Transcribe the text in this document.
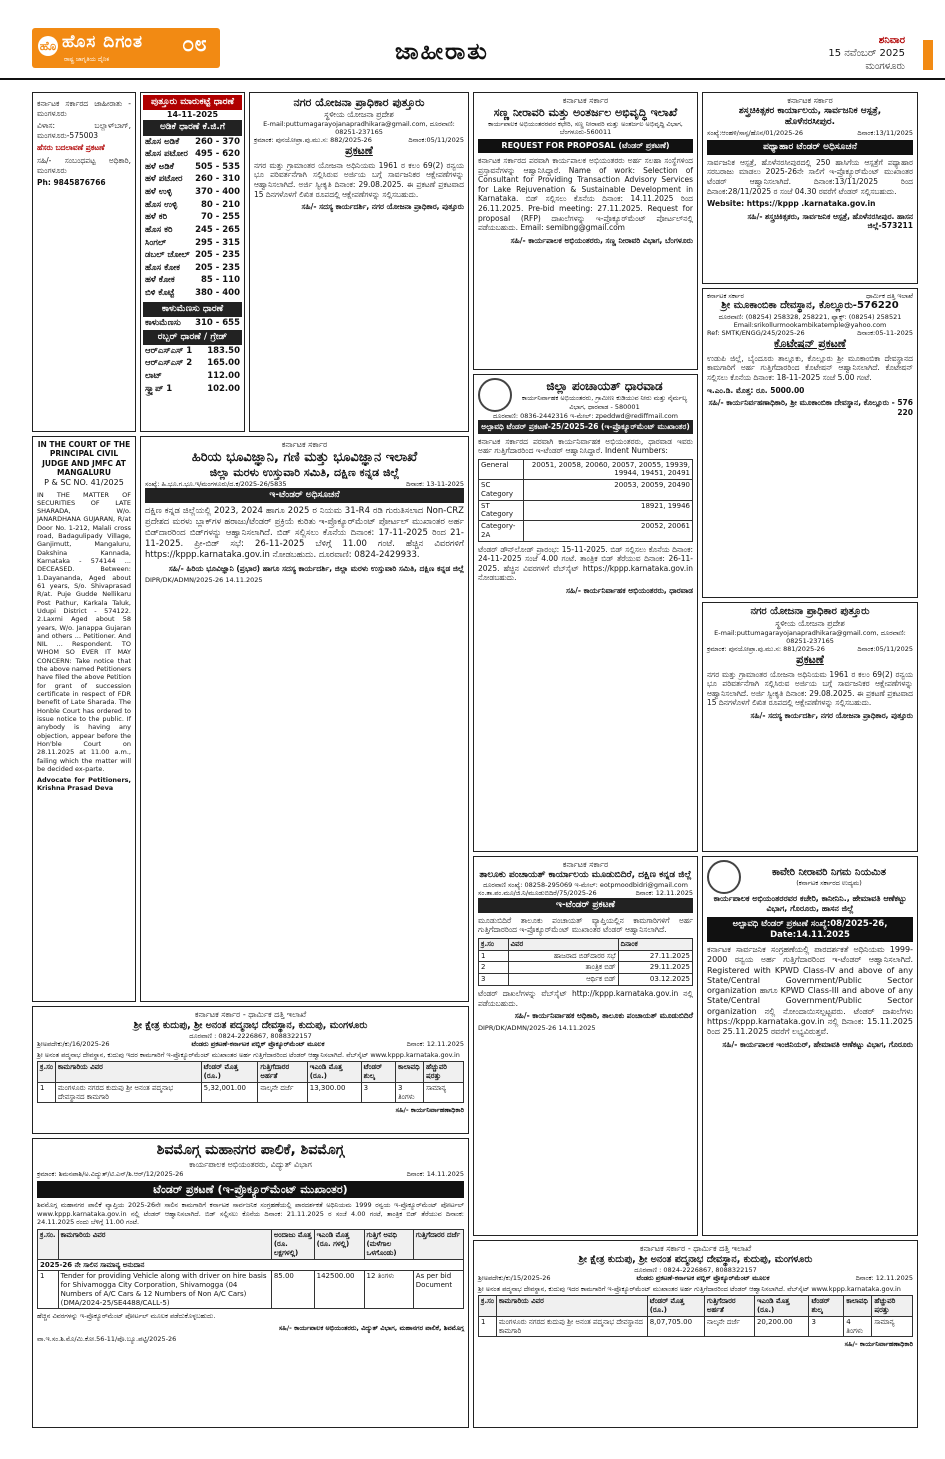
ಹೊ ಹೊಸ ದಿಗಂತ
ರಾಷ್ಟ್ರ ಜಾಗೃತಿಯ ದೈನಿಕ
೦೮	ಜಾಹೀರಾತು	ಶನಿವಾರ
15 ನವೆಂಬರ್ 2025
ಮಂಗಳೂರು
ಕರ್ನಾಟಕ ಸರ್ಕಾರದ ಜಾಹೀರಾತು - ಮಂಗಳೂರು
ವಿಳಾಸ: ಬಲ್ಲಾಳ್‌ಬಾಗ್, ಮಂಗಳೂರು-575003
ಹೆಸರು ಬದಲಾವಣೆ ಪ್ರಕಟಣೆ
ಸಹಿ/- ಸಂಬಂಧಪಟ್ಟ ಅಧಿಕಾರಿ, ಮಂಗಳೂರು
Ph: 9845876766
ಪುತ್ತೂರು ಮಾರುಕಟ್ಟೆ ಧಾರಣೆ
14-11-2025
ಅಡಿಕೆ ಧಾರಣೆ ಕೆ.ಜಿ.ಗೆ
ಹೊಸ ಅಡಿಕೆ	260 - 370
ಹೊಸ ಪಟೋರ	495 - 620
ಹಳೆ ಅಡಿಕೆ	505 - 535
ಹಳೆ ಪಟೋರ	260 - 310
ಹಳೆ ಉಳ್ಳಿ	370 - 400
ಹೊಸ ಉಳ್ಳಿ	80 - 210
ಹಳೆ ಕರಿ	70 - 255
ಹೊಸ ಕರಿ	245 - 265
ಸಿಂಗಲ್	295 - 315
ಡಬಲ್ ಚೋಲ್	205 - 235
ಹೊಸ ಕೋಕ	205 - 235
ಹಳೆ ಕೋಕ	85 - 110
ಬಿಳಿ ಕೊಟ್ಟೆ	380 - 400
ಕಾಳುಮೆಣಸು ಧಾರಣೆ
ಕಾಳುಮೆಣಸು	310 - 655
ರಬ್ಬರ್ ಧಾರಣೆ / ಗ್ರೇಡ್
ಆರ್‌ಎಸ್‌ಎಸ್ 1	183.50
ಆರ್‌ಎಸ್‌ಎಸ್ 2	165.00
ಲಾಟ್	112.00
ಸ್ಕ್ರ್ಯಾಪ್ 1	102.00
IN THE COURT OF THE PRINCIPAL CIVIL JUDGE AND JMFC AT MANGALURU
P & SC NO. 41/2025
IN THE MATTER OF SECURITIES OF LATE SHARADA, W/o. JANARDHANA GUJARAN, R/at Door No. 1-212, Malali cross road, Badagulipady Village, Ganjimutt, Mangaluru, Dakshina Kannada, Karnataka - 574144 ... DECEASED. Between: 1.Dayananda, Aged about 61 years, S/o. Shivaprasad R/at. Puje Gudde Nellikaru Post Pathur, Karkala Taluk, Udupi District - 574122. 2.Laxmi Aged about 58 years, W/o. Janappa Gujaran and others ... Petitioner. And NIL ... Respondent. TO WHOM SO EVER IT MAY CONCERN: Take notice that the above named Petitioners have filed the above Petition for grant of succession certificate in respect of FDR benefit of Late Sharada. The Honble Court has ordered to issue notice to the public. If anybody is having any objection, appear before the Hon'ble Court on 28.11.2025 at 11.00 a.m., failing which the matter will be decided ex-parte.
Advocate for Petitioners, Krishna Prasad Deva
ನಗರ ಯೋಜನಾ ಪ್ರಾಧಿಕಾರ ಪುತ್ತೂರು
ಸ್ಥಳೀಯ ಯೋಜನಾ ಪ್ರದೇಶ
E-mail:puttumagarayojanapradhikara@gmail.com, ದೂರವಾಣಿ: 08251-237165
ಕ್ರಮಾಂಕ: ಪುನಯೋಪ್ರಾ.ಪು.ಮು.ಸ: 882/2025-26	ದಿನಾಂಕ:05/11/2025
ಪ್ರಕಟಣೆ
ನಗರ ಮತ್ತು ಗ್ರಾಮಾಂತರ ಯೋಜನಾ ಅಧಿನಿಯಮ 1961 ರ ಕಲಂ 69(2) ರನ್ವಯ ಭೂ ಪರಿವರ್ತನೆಗಾಗಿ ಸಲ್ಲಿಸಿರುವ ಅರ್ಜಿಯ ಬಗ್ಗೆ ಸಾರ್ವಜನಿಕರ ಆಕ್ಷೇಪಣೆಗಳನ್ನು ಆಹ್ವಾನಿಸಲಾಗಿದೆ. ಅರ್ಜಿ ಸ್ವೀಕೃತಿ ದಿನಾಂಕ: 29.08.2025. ಈ ಪ್ರಕಟಣೆ ಪ್ರಕಟವಾದ 15 ದಿನಗಳೊಳಗೆ ಲಿಖಿತ ರೂಪದಲ್ಲಿ ಆಕ್ಷೇಪಣೆಗಳನ್ನು ಸಲ್ಲಿಸಬಹುದು.
ಸಹಿ/- ಸದಸ್ಯ ಕಾರ್ಯದರ್ಶಿ, ನಗರ ಯೋಜನಾ ಪ್ರಾಧಿಕಾರ, ಪುತ್ತೂರು
ಕರ್ನಾಟಕ ಸರ್ಕಾರ
ಹಿರಿಯ ಭೂವಿಜ್ಞಾನಿ, ಗಣಿ ಮತ್ತು ಭೂವಿಜ್ಞಾನ ಇಲಾಖೆ
ಜಿಲ್ಲಾ ಮರಳು ಉಸ್ತುವಾರಿ ಸಮಿತಿ, ದಕ್ಷಿಣ ಕನ್ನಡ ಜಿಲ್ಲೆ
ಸಂಖ್ಯೆ: ಹಿ.ಭೂ.ಗ.ಭೂ.ಇ/ಮಂಗಳೂರು/ದ.ಕ/2025-26/5835	ದಿನಾಂಕ: 13-11-2025
ಇ-ಟೆಂಡರ್ ಅಧಿಸೂಚನೆ
ದಕ್ಷಿಣ ಕನ್ನಡ ಜಿಲ್ಲೆಯಲ್ಲಿ 2023, 2024 ಹಾಗೂ 2025 ರ ನಿಯಮ 31-R4 ರಡಿ ಗುರುತಿಸಲಾದ Non-CRZ ಪ್ರದೇಶದ ಮರಳು ಬ್ಲಾಕ್‌ಗಳ ಹರಾಜು/ಟೆಂಡರ್ ಪ್ರಕ್ರಿಯೆ ಕುರಿತು ಇ-ಪ್ರೊಕ್ಯೂರ್‌ಮೆಂಟ್ ಪೋರ್ಟಲ್ ಮುಖಾಂತರ ಅರ್ಹ ಬಿಡ್‌ದಾರರಿಂದ ಬಿಡ್‌ಗಳನ್ನು ಆಹ್ವಾನಿಸಲಾಗಿದೆ. ಬಿಡ್ ಸಲ್ಲಿಸಲು ಕೊನೆಯ ದಿನಾಂಕ: 17-11-2025 ರಿಂದ 21-11-2025. ಪ್ರೀ-ಬಿಡ್ ಸಭೆ: 26-11-2025 ಬೆಳಿಗ್ಗೆ 11.00 ಗಂಟೆ. ಹೆಚ್ಚಿನ ವಿವರಗಳಿಗೆ https://kppp.karnataka.gov.in ನೋಡಬಹುದು. ದೂರವಾಣಿ: 0824-2429933.
ಸಹಿ/- ಹಿರಿಯ ಭೂವಿಜ್ಞಾನಿ (ಪ್ರಭಾರ) ಹಾಗೂ ಸದಸ್ಯ ಕಾರ್ಯದರ್ಶಿ, ಜಿಲ್ಲಾ ಮರಳು ಉಸ್ತುವಾರಿ ಸಮಿತಿ, ದಕ್ಷಿಣ ಕನ್ನಡ ಜಿಲ್ಲೆ
DIPR/DK/ADMN/2025-26 14.11.2025
ಕರ್ನಾಟಕ ಸರ್ಕಾರ
ಸಣ್ಣ ನೀರಾವರಿ ಮತ್ತು ಅಂತರ್ಜಲ ಅಭಿವೃದ್ಧಿ ಇಲಾಖೆ
ಕಾರ್ಯಪಾಲಕ ಅಭಿಯಂತರರವರ ಕಛೇರಿ, ಸಣ್ಣ ನೀರಾವರಿ ಮತ್ತು ಅಂತರ್ಜಲ ಅಭಿವೃದ್ಧಿ ವಿಭಾಗ, ಬೆಂಗಳೂರು-560011
REQUEST FOR PROPOSAL (ಟೆಂಡರ್ ಪ್ರಕಟಣೆ)
ಕರ್ನಾಟಕ ಸರ್ಕಾರದ ಪರವಾಗಿ ಕಾರ್ಯಪಾಲಕ ಅಭಿಯಂತರರು ಅರ್ಹ ಸಲಹಾ ಸಂಸ್ಥೆಗಳಿಂದ ಪ್ರಸ್ತಾವನೆಗಳನ್ನು ಆಹ್ವಾನಿಸಿದ್ದಾರೆ. Name of work: Selection of Consultant for Providing Transaction Advisory Services for Lake Rejuvenation & Sustainable Development in Karnataka. ಬಿಡ್ ಸಲ್ಲಿಸಲು ಕೊನೆಯ ದಿನಾಂಕ: 14.11.2025 ರಿಂದ 26.11.2025. Pre-bid meeting: 27.11.2025. Request for proposal (RFP) ದಾಖಲೆಗಳನ್ನು ಇ-ಪ್ರೊಕ್ಯೂರ್‌ಮೆಂಟ್ ಪೋರ್ಟಲ್‌ನಲ್ಲಿ ಪಡೆಯಬಹುದು. Email: semibng@gmail.com
ಸಹಿ/- ಕಾರ್ಯಪಾಲಕ ಅಭಿಯಂತರರು, ಸಣ್ಣ ನೀರಾವರಿ ವಿಭಾಗ, ಬೆಂಗಳೂರು
ಜಿಲ್ಲಾ ಪಂಚಾಯತ್ ಧಾರವಾಡ
ಕಾರ್ಯನಿರ್ವಾಹಕ ಅಭಿಯಂತರರು, ಗ್ರಾಮೀಣ ಕುಡಿಯುವ ನೀರು ಮತ್ತು ನೈರ್ಮಲ್ಯ ವಿಭಾಗ, ಧಾರವಾಡ - 580001
ದೂರವಾಣಿ: 0836-2442316 ಇ-ಮೇಲ್: zpeddwd@rediffmail.com
ಅಲ್ಪಾವಧಿ ಟೆಂಡರ್ ಪ್ರಕಟಣೆ-25/2025-26 (ಇ-ಪ್ರೊಕ್ಯೂರ್‌ಮೆಂಟ್ ಮುಖಾಂತರ)
ಕರ್ನಾಟಕ ಸರ್ಕಾರದ ಪರವಾಗಿ ಕಾರ್ಯನಿರ್ವಾಹಕ ಅಭಿಯಂತರರು, ಧಾರವಾಡ ಇವರು ಅರ್ಹ ಗುತ್ತಿಗೆದಾರರಿಂದ ಇ-ಟೆಂಡರ್ ಆಹ್ವಾನಿಸಿದ್ದಾರೆ. Indent Numbers:
General	20051, 20058, 20060, 20057, 20055, 19939, 19944, 19451, 20491
SC Category	20053, 20059, 20490
ST Category	18921, 19946
Category-2A	20052, 20061
ಟೆಂಡರ್ ಡೌನ್‌ಲೋಡ್ ಪ್ರಾರಂಭ: 15-11-2025. ಬಿಡ್ ಸಲ್ಲಿಸಲು ಕೊನೆಯ ದಿನಾಂಕ: 24-11-2025 ಸಂಜೆ 4.00 ಗಂಟೆ. ತಾಂತ್ರಿಕ ಬಿಡ್ ತೆರೆಯುವ ದಿನಾಂಕ: 26-11-2025. ಹೆಚ್ಚಿನ ವಿವರಗಳಿಗೆ ವೆಬ್‌ಸೈಟ್ https://kppp.karnataka.gov.in ನೋಡಬಹುದು.
ಸಹಿ/- ಕಾರ್ಯನಿರ್ವಾಹಕ ಅಭಿಯಂತರರು, ಧಾರವಾಡ
ಕರ್ನಾಟಕ ಸರ್ಕಾರ
ತಾಲೂಕು ಪಂಚಾಯತ್ ಕಾರ್ಯಾಲಯ ಮೂಡುಬಿದಿರೆ, ದಕ್ಷಿಣ ಕನ್ನಡ ಜಿಲ್ಲೆ
ದೂರವಾಣಿ ಸಂಖ್ಯೆ: 08258-295069 ಇ-ಮೇಲ್: eotpmoodbidri@gmail.com
ಸಂ.ತಾ.ಪಂ.ಮೂ/ಜಿ.ನಿ/ಮೂಡುಬಿದಿರೆ/75/2025-26	ದಿನಾಂಕ: 12.11.2025
ಇ-ಟೆಂಡರ್ ಪ್ರಕಟಣೆ
ಮೂಡುಬಿದಿರೆ ತಾಲೂಕು ಪಂಚಾಯತ್ ವ್ಯಾಪ್ತಿಯಲ್ಲಿನ ಕಾಮಗಾರಿಗಳಿಗೆ ಅರ್ಹ ಗುತ್ತಿಗೆದಾರರಿಂದ ಇ-ಪ್ರೊಕ್ಯೂರ್‌ಮೆಂಟ್ ಮುಖಾಂತರ ಟೆಂಡರ್ ಆಹ್ವಾನಿಸಲಾಗಿದೆ.
ಕ್ರ.ಸಂ	ವಿವರ	ದಿನಾಂಕ
1	ಹಾಜರಾದ ಬಿಡ್‌ದಾರರ ಸಭೆ	27.11.2025
2	ತಾಂತ್ರಿಕ ಬಿಡ್	29.11.2025
3	ಆರ್ಥಿಕ ಬಿಡ್	03.12.2025
ಟೆಂಡರ್ ದಾಖಲೆಗಳನ್ನು ವೆಬ್‌ಸೈಟ್ http://kppp.karnataka.gov.in ನಲ್ಲಿ ಪಡೆಯಬಹುದು.
ಸಹಿ/- ಕಾರ್ಯನಿರ್ವಾಹಕ ಅಧಿಕಾರಿ, ತಾಲೂಕು ಪಂಚಾಯತ್ ಮೂಡುಬಿದಿರೆ
DIPR/DK/ADMN/2025-26 14.11.2025
ಕರ್ನಾಟಕ ಸರ್ಕಾರ
ಶಸ್ತ್ರಚಿಕಿತ್ಸಕರ ಕಾರ್ಯಾಲಯ, ಸಾರ್ವಜನಿಕ ಆಸ್ಪತ್ರೆ,
ಹೊಳೆನರಸೀಪುರ.
ಸಂಖ್ಯೆ:ಆಂಹಳಿ/ಸಾಸ್ಪ/ಹೊನ/01/2025-26	ದಿನಾಂಕ:13/11/2025
ಪಥ್ಯಾಹಾರ ಟೆಂಡರ್ ಅಧಿಸೂಚನೆ
ಸಾರ್ವಜನಿಕ ಆಸ್ಪತ್ರೆ, ಹೊಳೆನರಸೀಪುರದಲ್ಲಿ 250 ಹಾಸಿಗೆಯ ಆಸ್ಪತ್ರೆಗೆ ಪಥ್ಯಾಹಾರ ಸರಬರಾಜು ಮಾಡಲು 2025-26ನೇ ಸಾಲಿಗೆ ಇ-ಪ್ರೊಕ್ಯೂರ್‌ಮೆಂಟ್ ಮುಖಾಂತರ ಟೆಂಡರ್ ಆಹ್ವಾನಿಸಲಾಗಿದೆ. ದಿನಾಂಕ:13/11/2025 ರಿಂದ ದಿನಾಂಕ:28/11/2025 ರ ಸಂಜೆ 04.30 ರವರೆಗೆ ಟೆಂಡರ್ ಸಲ್ಲಿಸಬಹುದು.
Website: https://kppp .karnataka.gov.in
ಸಹಿ/- ಶಸ್ತ್ರಚಿಕಿತ್ಸಕರು, ಸಾರ್ವಜನಿಕ ಆಸ್ಪತ್ರೆ, ಹೊಳೆನರಸೀಪುರ. ಹಾಸನ ಜಿಲ್ಲೆ-573211
ಕರ್ನಾಟಕ ಸರ್ಕಾರ	ಧಾರ್ಮಿಕ ದತ್ತಿ ಇಲಾಖೆ
ಶ್ರೀ ಮೂಕಾಂಬಿಕಾ ದೇವಸ್ಥಾನ, ಕೊಲ್ಲೂರು-576220
ದೂರವಾಣಿ: (08254) 258328, 258221, ಫ್ಯಾಕ್ಸ್: (08254) 258521
Email:srikollurmookambikatemple@yahoo.com
Ref: SMTK/ENGG/245/2025-26	ದಿನಾಂಕ:05-11-2025
ಕೊಟೇಷನ್ ಪ್ರಕಟಣೆ
ಉಡುಪಿ ಜಿಲ್ಲೆ, ಬೈಂದೂರು ತಾಲ್ಲೂಕು, ಕೊಲ್ಲೂರು ಶ್ರೀ ಮೂಕಾಂಬಿಕಾ ದೇವಸ್ಥಾನದ ಕಾಮಗಾರಿಗೆ ಅರ್ಹ ಗುತ್ತಿಗೆದಾರರಿಂದ ಕೊಟೇಷನ್ ಆಹ್ವಾನಿಸಲಾಗಿದೆ. ಕೊಟೇಷನ್ ಸಲ್ಲಿಸಲು ಕೊನೆಯ ದಿನಾಂಕ: 18-11-2025 ಸಂಜೆ 5.00 ಗಂಟೆ.
ಇ.ಎಂ.ಡಿ. ಮೊತ್ತ: ರೂ. 5000.00
ಸಹಿ/- ಕಾರ್ಯನಿರ್ವಹಣಾಧಿಕಾರಿ, ಶ್ರೀ ಮೂಕಾಂಬಿಕಾ ದೇವಸ್ಥಾನ, ಕೊಲ್ಲೂರು - 576 220
ನಗರ ಯೋಜನಾ ಪ್ರಾಧಿಕಾರ ಪುತ್ತೂರು
ಸ್ಥಳೀಯ ಯೋಜನಾ ಪ್ರದೇಶ
E-mail:puttumagarayojanapradhikara@gmail.com, ದೂರವಾಣಿ: 08251-237165
ಕ್ರಮಾಂಕ: ಪುನಯೋಪ್ರಾ.ಪು.ಮು.ಸ: 881/2025-26	ದಿನಾಂಕ:05/11/2025
ಪ್ರಕಟಣೆ
ನಗರ ಮತ್ತು ಗ್ರಾಮಾಂತರ ಯೋಜನಾ ಅಧಿನಿಯಮ 1961 ರ ಕಲಂ 69(2) ರನ್ವಯ ಭೂ ಪರಿವರ್ತನೆಗಾಗಿ ಸಲ್ಲಿಸಿರುವ ಅರ್ಜಿಯ ಬಗ್ಗೆ ಸಾರ್ವಜನಿಕರ ಆಕ್ಷೇಪಣೆಗಳನ್ನು ಆಹ್ವಾನಿಸಲಾಗಿದೆ. ಅರ್ಜಿ ಸ್ವೀಕೃತಿ ದಿನಾಂಕ: 29.08.2025. ಈ ಪ್ರಕಟಣೆ ಪ್ರಕಟವಾದ 15 ದಿನಗಳೊಳಗೆ ಲಿಖಿತ ರೂಪದಲ್ಲಿ ಆಕ್ಷೇಪಣೆಗಳನ್ನು ಸಲ್ಲಿಸಬಹುದು.
ಸಹಿ/- ಸದಸ್ಯ ಕಾರ್ಯದರ್ಶಿ, ನಗರ ಯೋಜನಾ ಪ್ರಾಧಿಕಾರ, ಪುತ್ತೂರು
ಕಾವೇರಿ ನೀರಾವರಿ ನಿಗಮ ನಿಯಮಿತ
(ಕರ್ನಾಟಕ ಸರ್ಕಾರದ ಉದ್ಯಮ)
ಕಾರ್ಯಪಾಲಕ ಅಭಿಯಂತರರವರ ಕಚೇರಿ, ಕಾನೀನಿನಿ., ಹೇಮಾವತಿ ಆಣೆಕಟ್ಟು ವಿಭಾಗ, ಗೊರೂರು, ಹಾಸನ ಜಿಲ್ಲೆ
ಅಲ್ಪಾವಧಿ ಟೆಂಡರ್ ಪ್ರಕಟಣೆ ಸಂಖ್ಯೆ:08/2025-26, Date:14.11.2025
ಕರ್ನಾಟಕ ಸಾರ್ವಜನಿಕ ಸಂಗ್ರಹಣೆಯಲ್ಲಿ ಪಾರದರ್ಶಕತೆ ಅಧಿನಿಯಮ 1999-2000 ರನ್ವಯ ಅರ್ಹ ಗುತ್ತಿಗೆದಾರರಿಂದ ಇ-ಟೆಂಡರ್ ಆಹ್ವಾನಿಸಲಾಗಿದೆ. Registered with KPWD Class-IV and above of any State/Central Government/Public Sector organization ಹಾಗೂ KPWD Class-III and above of any State/Central Government/Public Sector organization ನಲ್ಲಿ ನೋಂದಾಯಿಸಲ್ಪಟ್ಟವರು. ಟೆಂಡರ್ ದಾಖಲೆಗಳು https://kppp.karnataka.gov.in ನಲ್ಲಿ ದಿನಾಂಕ: 15.11.2025 ರಿಂದ 25.11.2025 ರವರೆಗೆ ಲಭ್ಯವಿರುತ್ತವೆ.
ಸಹಿ/- ಕಾರ್ಯಪಾಲಕ ಇಂಜಿನಿಯರ್, ಹೇಮಾವತಿ ಆಣೆಕಟ್ಟು ವಿಭಾಗ, ಗೊರೂರು
ಕರ್ನಾಟಕ ಸರ್ಕಾರ - ಧಾರ್ಮಿಕ ದತ್ತಿ ಇಲಾಖೆ
ಶ್ರೀ ಕ್ಷೇತ್ರ ಕುದುಪು, ಶ್ರೀ ಅನಂತ ಪದ್ಮನಾಭ ದೇವಸ್ಥಾನ, ಕುದುಪು, ಮಂಗಳೂರು
ದೂರವಾಣಿ : 0824-2226867, 8088322157
ಶ್ರೀಅಪದೇಕು/ಕು/16/2025-26	ಟೆಂಡರು ಪ್ರಕಟಣೆ-ಕರ್ನಾಟಕ ಪಬ್ಲಿಕ್ ಪ್ರೊಕ್ಯೂರ್‌ಮೆಂಟ್ ಮೂಲಕ	ದಿನಾಂಕ: 12.11.2025
ಶ್ರೀ ಅನಂತ ಪದ್ಮನಾಭ ದೇವಸ್ಥಾನ, ಕುದುಪು ಇದರ ಕಾಮಗಾರಿಗೆ ಇ-ಪ್ರೊಕ್ಯೂರ್‌ಮೆಂಟ್ ಮುಖಾಂತರ ಅರ್ಹ ಗುತ್ತಿಗೆದಾರರಿಂದ ಟೆಂಡರ್ ಆಹ್ವಾನಿಸಲಾಗಿದೆ. ವೆಬ್‌ಸೈಟ್ www.kppp.karnataka.gov.in
ಕ್ರ.ಸಂ	ಕಾಮಗಾರಿಯ ವಿವರ	ಟೆಂಡರ್ ಮೊತ್ತ (ರೂ.)	ಗುತ್ತಿಗೆದಾರರ ಅರ್ಹತೆ	ಇಎಂಡಿ ಮೊತ್ತ (ರೂ.)	ಟೆಂಡರ್ ಶುಲ್ಕ	ಕಾಲಾವಧಿ	ಹೆಚ್ಚುವರಿ ಷರತ್ತು
1	ಮಂಗಳೂರು ನಗರದ ಕುದುಪು ಶ್ರೀ ಅನಂತ ಪದ್ಮನಾಭ ದೇವಸ್ಥಾನದ ಕಾಮಗಾರಿ	5,32,001.00	ನಾಲ್ಕನೇ ದರ್ಜೆ	13,300.00	3	3 ತಿಂಗಳು	ಸಾಮಾನ್ಯ
ಸಹಿ/- ಕಾರ್ಯನಿರ್ವಾಹಣಾಧಿಕಾರಿ
ಶಿವಮೊಗ್ಗ ಮಹಾನಗರ ಪಾಲಿಕೆ, ಶಿವಮೊಗ್ಗ
ಕಾರ್ಯಪಾಲಕ ಅಭಿಯಂತರರು, ವಿದ್ಯುತ್ ವಿಭಾಗ
ಕ್ರಮಾಂಕ: ಶಿಮನಪಾಶಿ/ಅ.ವಿದ್ಯುತ್/ಟಿ.ಎನ್/ಶಿ.ಆರ್/12/2025-26	ದಿನಾಂಕ: 14.11.2025
ಟೆಂಡರ್ ಪ್ರಕಟಣೆ (ಇ-ಪ್ರೊಕ್ಯೂರ್‌ಮೆಂಟ್ ಮುಖಾಂತರ)
ಶಿವಮೊಗ್ಗ ಮಹಾನಗರ ಪಾಲಿಕೆ ವ್ಯಾಪ್ತಿಯ 2025-26ನೇ ಸಾಲಿನ ಕಾಮಗಾರಿಗೆ ಕರ್ನಾಟಕ ಸಾರ್ವಜನಿಕ ಸಂಗ್ರಹಣೆಯಲ್ಲಿ ಪಾರದರ್ಶಕತೆ ಅಧಿನಿಯಮ 1999 ರನ್ವಯ ಇ-ಪ್ರೊಕ್ಯೂರ್‌ಮೆಂಟ್ ಪೋರ್ಟಲ್ www.kppp.karnataka.gov.in ನಲ್ಲಿ ಟೆಂಡರ್ ಆಹ್ವಾನಿಸಲಾಗಿದೆ. ಬಿಡ್ ಸಲ್ಲಿಸಲು ಕೊನೆಯ ದಿನಾಂಕ: 21.11.2025 ರ ಸಂಜೆ 4.00 ಗಂಟೆ, ತಾಂತ್ರಿಕ ಬಿಡ್ ತೆರೆಯುವ ದಿನಾಂಕ: 24.11.2025 ರಂದು ಬೆಳಿಗ್ಗೆ 11.00 ಗಂಟೆ.
ಕ್ರ.ಸಂ.	ಕಾಮಗಾರಿಯ ವಿವರ	ಅಂದಾಜು ಮೊತ್ತ (ರೂ. ಲಕ್ಷಗಳಲ್ಲಿ)	ಇಎಂಡಿ ಮೊತ್ತ (ರೂ. ಗಳಲ್ಲಿ)	ಗುತ್ತಿಗೆ ಅವಧಿ (ಮಳೆಗಾಲ ಒಳಗೊಂಡು)	ಗುತ್ತಿಗೆದಾರರ ದರ್ಜೆ
2025-26 ನೇ ಸಾಲಿನ ಸಾಮಾನ್ಯ ಅನುದಾನ					
1	Tender for providing Vehicle along with driver on hire basis for Shivamogga City Corporation, Shivamogga (04 Numbers of A/C Cars & 12 Numbers of Non A/C Cars) (DMA/2024-25/SE4488/CALL-5)	85.00	142500.00	12 ತಿಂಗಳು	As per bid Document
ಹೆಚ್ಚಿನ ವಿವರಗಳನ್ನು ಇ-ಪ್ರೊಕ್ಯೂರ್‌ಮೆಂಟ್ ಪೋರ್ಟಲ್ ಮೂಲಕ ಪಡೆದುಕೊಳ್ಳಬಹುದು.
ಸಹಿ/- ಕಾರ್ಯಪಾಲಕ ಅಭಿಯಂತರರು, ವಿದ್ಯುತ್ ವಿಭಾಗ, ಮಹಾನಗರ ಪಾಲಿಕೆ, ಶಿವಮೊಗ್ಗ
ವಾ.ಇ.ಸಂ.ಶಿ.ಮೊ/ಮಿ.ಕೋ.56-11/ಪೊ.ಬ್ಯೂ.ಪಟ್ಟಿ/2025-26
ಕರ್ನಾಟಕ ಸರ್ಕಾರ - ಧಾರ್ಮಿಕ ದತ್ತಿ ಇಲಾಖೆ
ಶ್ರೀ ಕ್ಷೇತ್ರ ಕುದುಪು, ಶ್ರೀ ಅನಂತ ಪದ್ಮನಾಭ ದೇವಸ್ಥಾನ, ಕುದುಪು, ಮಂಗಳೂರು
ದೂರವಾಣಿ : 0824-2226867, 8088322157
ಶ್ರೀಅಪದೇಕು/ಕು/15/2025-26	ಟೆಂಡರು ಪ್ರಕಟಣೆ-ಕರ್ನಾಟಕ ಪಬ್ಲಿಕ್ ಪ್ರೊಕ್ಯೂರ್‌ಮೆಂಟ್ ಮೂಲಕ	ದಿನಾಂಕ: 12.11.2025
ಶ್ರೀ ಅನಂತ ಪದ್ಮನಾಭ ದೇವಸ್ಥಾನ, ಕುದುಪು ಇದರ ಕಾಮಗಾರಿಗೆ ಇ-ಪ್ರೊಕ್ಯೂರ್‌ಮೆಂಟ್ ಮುಖಾಂತರ ಅರ್ಹ ಗುತ್ತಿಗೆದಾರರಿಂದ ಟೆಂಡರ್ ಆಹ್ವಾನಿಸಲಾಗಿದೆ. ವೆಬ್‌ಸೈಟ್ www.kppp.karnataka.gov.in
ಕ್ರ.ಸಂ	ಕಾಮಗಾರಿಯ ವಿವರ	ಟೆಂಡರ್ ಮೊತ್ತ (ರೂ.)	ಗುತ್ತಿಗೆದಾರರ ಅರ್ಹತೆ	ಇಎಂಡಿ ಮೊತ್ತ (ರೂ.)	ಟೆಂಡರ್ ಶುಲ್ಕ	ಕಾಲಾವಧಿ	ಹೆಚ್ಚುವರಿ ಷರತ್ತು
1	ಮಂಗಳೂರು ನಗರದ ಕುದುಪು ಶ್ರೀ ಅನಂತ ಪದ್ಮನಾಭ ದೇವಸ್ಥಾನದ ಕಾಮಗಾರಿ	8,07,705.00	ನಾಲ್ಕನೇ ದರ್ಜೆ	20,200.00	3	4 ತಿಂಗಳು	ಸಾಮಾನ್ಯ
ಸಹಿ/- ಕಾರ್ಯನಿರ್ವಾಹಣಾಧಿಕಾರಿ
